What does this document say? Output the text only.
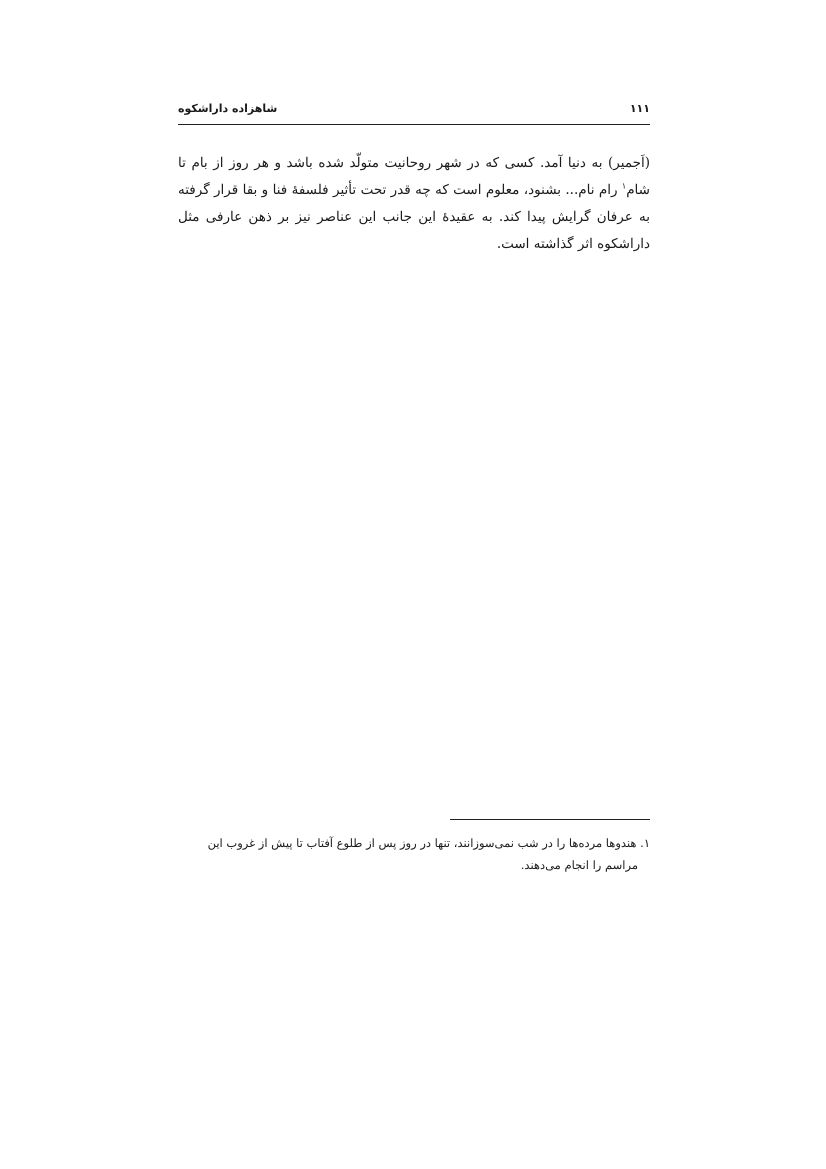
۱۱۱
شاهزاده داراشکوه

(اَجمیر) به دنیا آمد. کسی که در شهر روحانیت متولّد شده باشد و هر روز از بام تا شام$^۱$ رام نام... بشنود، معلوم است که چه قدر تحت تأثیر فلسفهٔ فنا و بقا قرار گرفته به عرفان گرایش پیدا کند. به عقیدهٔ این جانب این عناصر نیز بر ذهن عارفی مثل داراشکوه اثر گذاشته است.

۱. هندوها مرده‌ها را در شب نمی‌سوزانند، تنها در روز پس از طلوع آفتاب تا پیش از غروب این

مراسم را انجام می‌دهند.
